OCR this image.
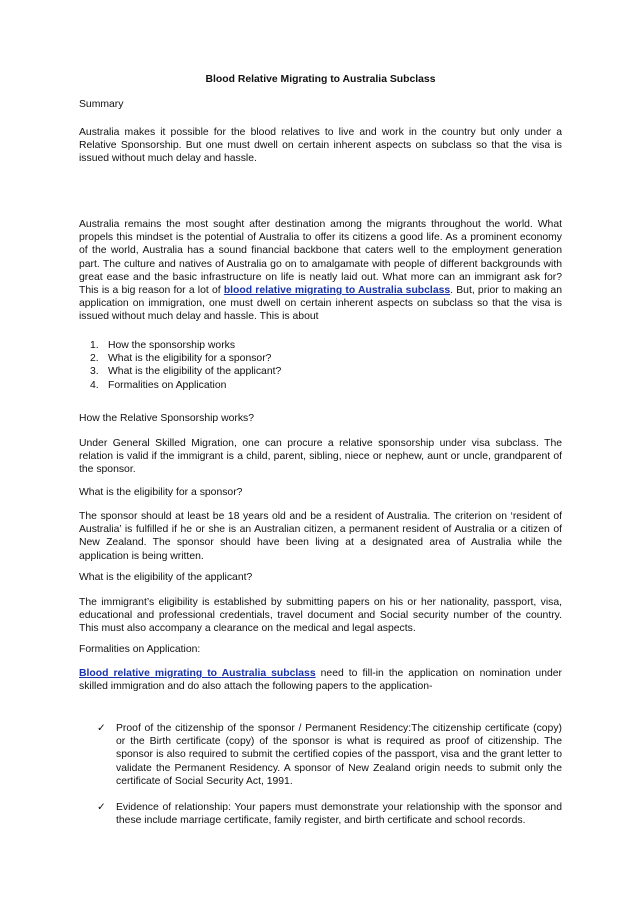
Blood Relative Migrating to Australia Subclass

Summary

Australia makes it possible for the blood relatives to live and work in the country but only under a Relative Sponsorship. But one must dwell on certain inherent aspects on subclass so that the visa is issued without much delay and hassle.

Australia remains the most sought after destination among the migrants throughout the world. What propels this mindset is the potential of Australia to offer its citizens a good life. As a prominent economy of the world, Australia has a sound financial backbone that caters well to the employment generation part. The culture and natives of Australia go on to amalgamate with people of different backgrounds with great ease and the basic infrastructure on life is neatly laid out. What more can an immigrant ask for? This is a big reason for a lot of blood relative migrating to Australia subclass. But, prior to making an application on immigration, one must dwell on certain inherent aspects on subclass so that the visa is issued without much delay and hassle. This is about

1. How the sponsorship works
2. What is the eligibility for a sponsor?
3. What is the eligibility of the applicant?
4. Formalities on Application

How the Relative Sponsorship works?

Under General Skilled Migration, one can procure a relative sponsorship under visa subclass. The relation is valid if the immigrant is a child, parent, sibling, niece or nephew, aunt or uncle, grandparent of the sponsor.

What is the eligibility for a sponsor?

The sponsor should at least be 18 years old and be a resident of Australia. The criterion on ‘resident of Australia’ is fulfilled if he or she is an Australian citizen, a permanent resident of Australia or a citizen of New Zealand. The sponsor should have been living at a designated area of Australia while the application is being written.

What is the eligibility of the applicant?

The immigrant’s eligibility is established by submitting papers on his or her nationality, passport, visa, educational and professional credentials, travel document and Social security number of the country. This must also accompany a clearance on the medical and legal aspects.

Formalities on Application:

Blood relative migrating to Australia subclass need to fill-in the application on nomination under skilled immigration and do also attach the following papers to the application-

✓ Proof of the citizenship of the sponsor / Permanent Residency:The citizenship certificate (copy) or the Birth certificate (copy) of the sponsor is what is required as proof of citizenship. The sponsor is also required to submit the certified copies of the passport, visa and the grant letter to validate the Permanent Residency. A sponsor of New Zealand origin needs to submit only the certificate of Social Security Act, 1991.
✓ Evidence of relationship: Your papers must demonstrate your relationship with the sponsor and these include marriage certificate, family register, and birth certificate and school records.
